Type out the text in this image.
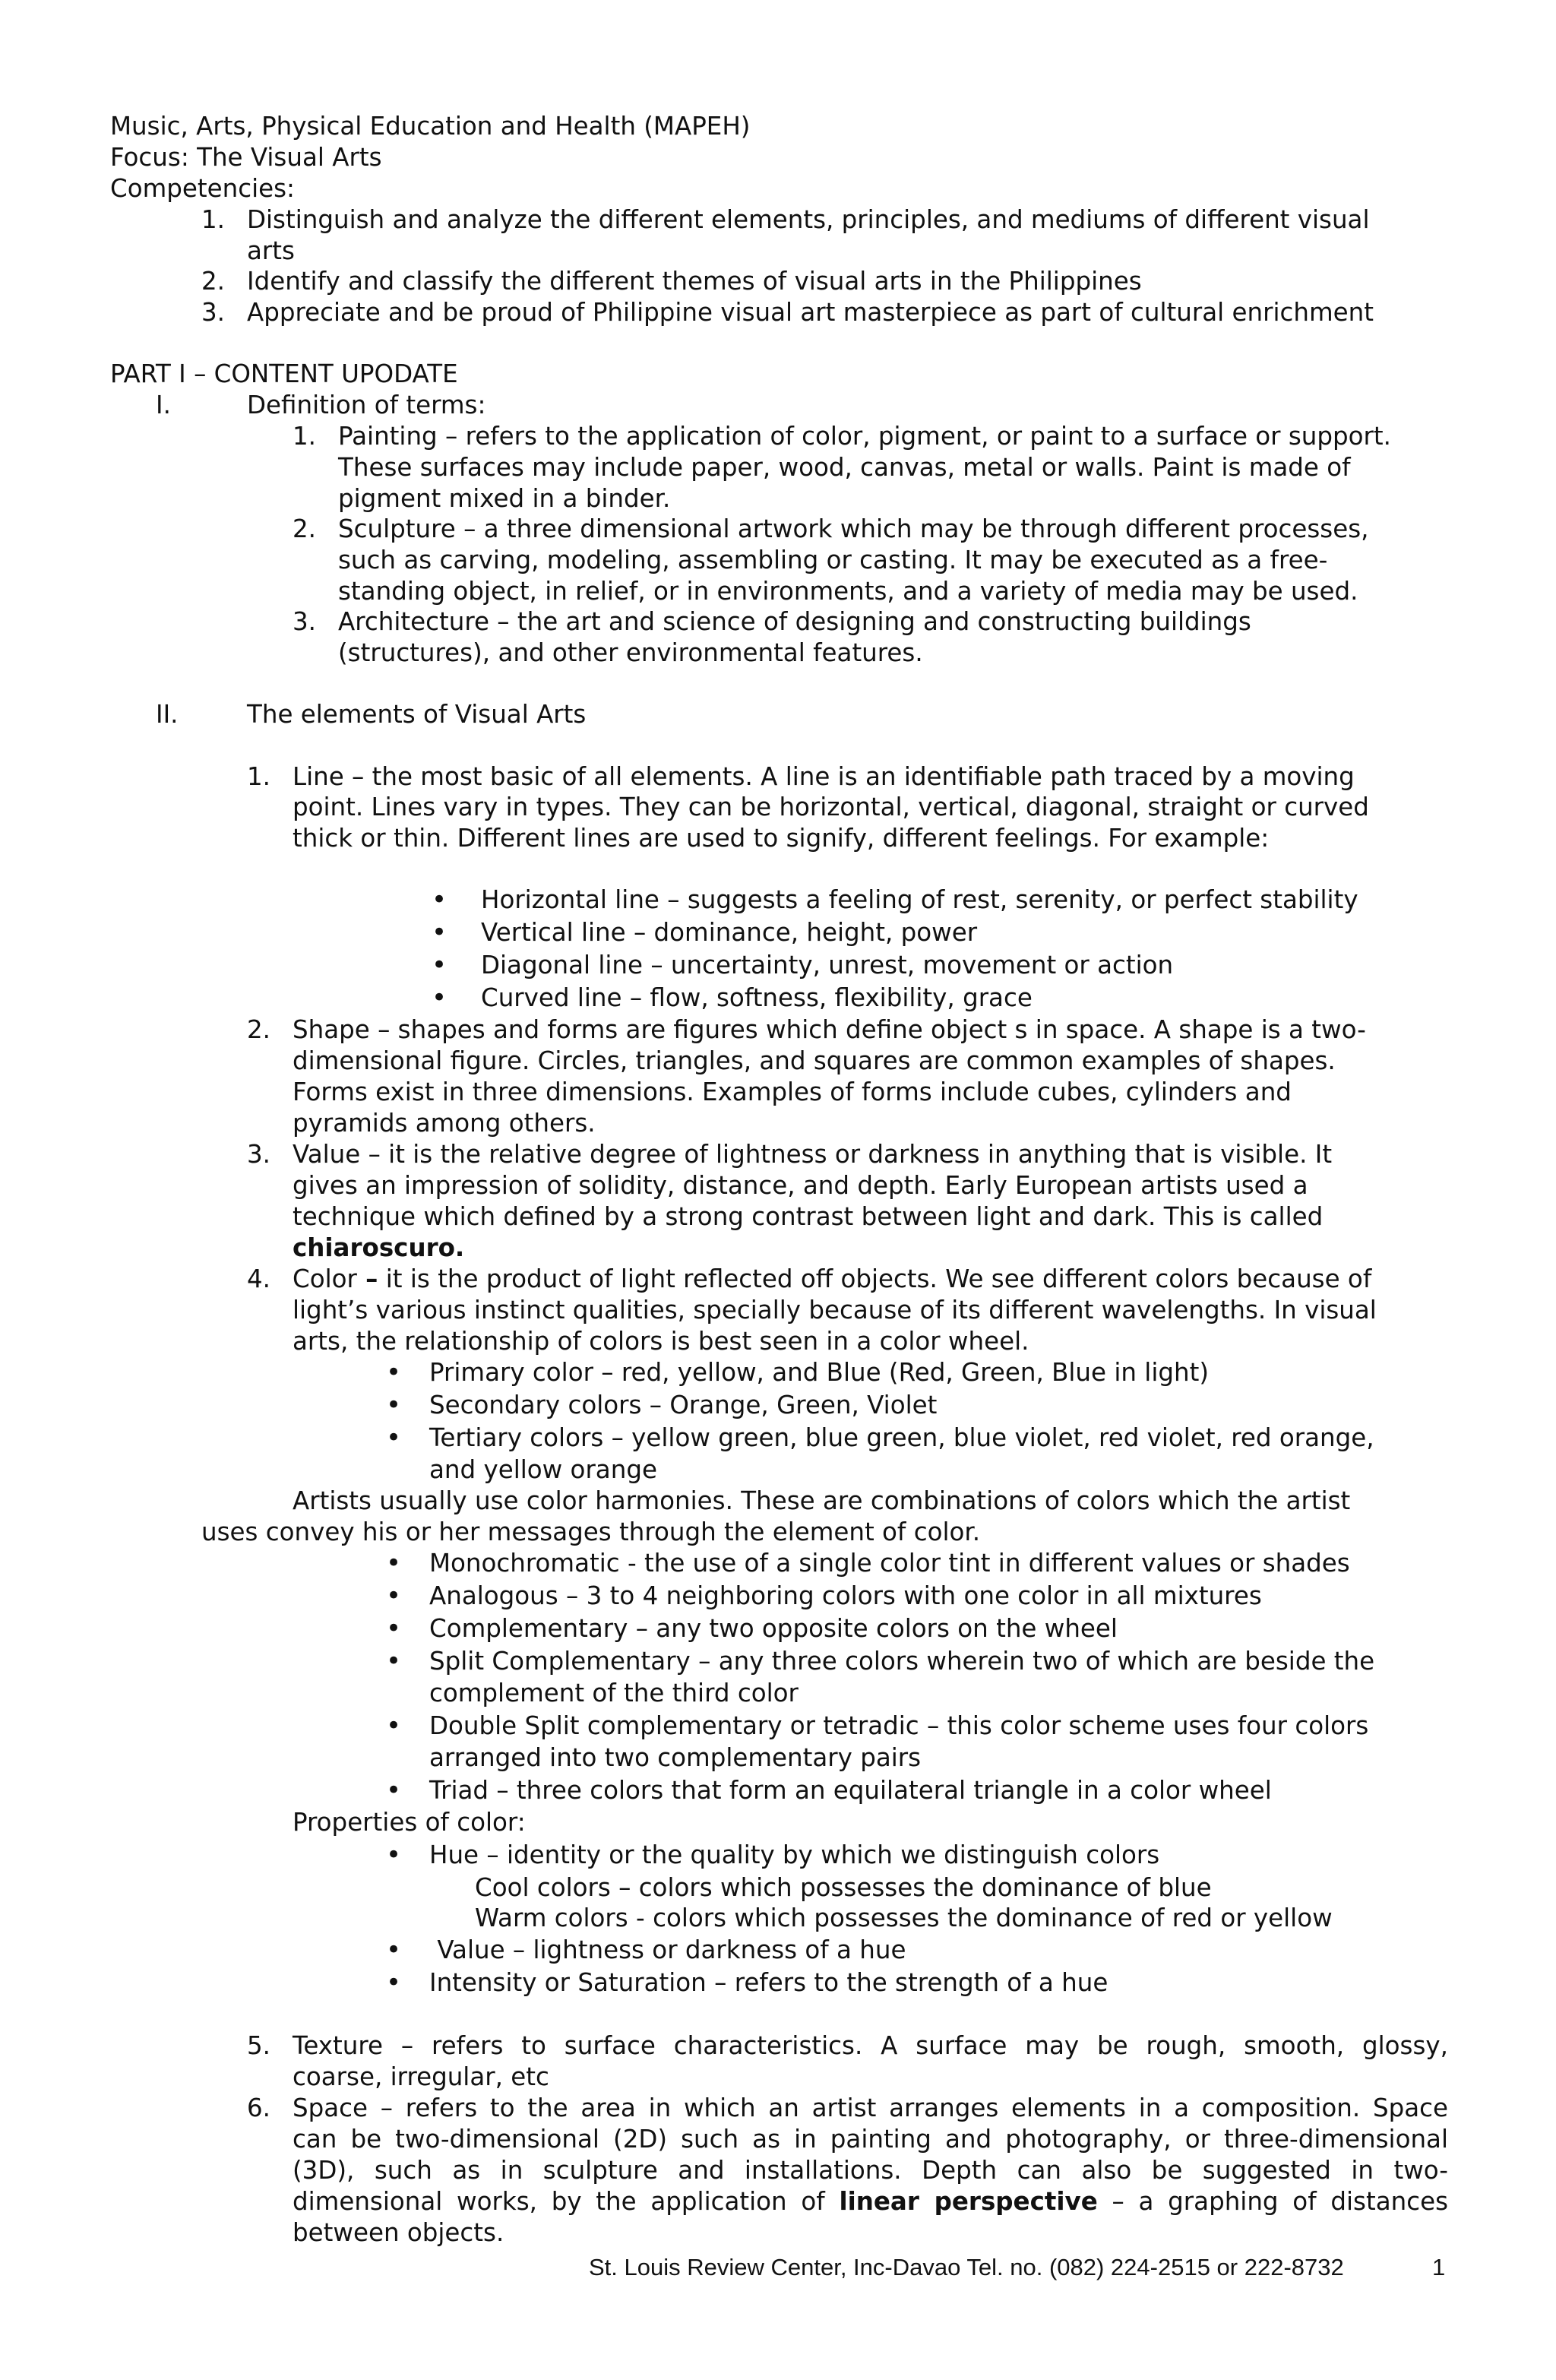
Music, Arts, Physical Education and Health (MAPEH)

Focus: The Visual Arts

Competencies:

1. Distinguish and analyze the different elements, principles, and mediums of different visual

arts

2. Identify and classify the different themes of visual arts in the Philippines

3. Appreciate and be proud of Philippine visual art masterpiece as part of cultural enrichment

PART I – CONTENT UPODATE

I.	Definition of terms:

1. Painting – refers to the application of color, pigment, or paint to a surface or support.

These surfaces may include paper, wood, canvas, metal or walls. Paint is made of

pigment mixed in a binder.

2. Sculpture – a three dimensional artwork which may be through different processes,

such as carving, modeling, assembling or casting. It may be executed as a free-

standing object, in relief, or in environments, and a variety of media may be used.

3. Architecture – the art and science of designing and constructing buildings

(structures), and other environmental features.

II.	The elements of Visual Arts

1. Line – the most basic of all elements. A line is an identifiable path traced by a moving

point. Lines vary in types. They can be horizontal, vertical, diagonal, straight or curved

thick or thin. Different lines are used to signify, different feelings. For example:

• Horizontal line – suggests a feeling of rest, serenity, or perfect stability

• Vertical line – dominance, height, power

• Diagonal line – uncertainty, unrest, movement or action

• Curved line – flow, softness, flexibility, grace

2. Shape – shapes and forms are figures which define object s in space. A shape is a two-

dimensional figure. Circles, triangles, and squares are common examples of shapes.

Forms exist in three dimensions. Examples of forms include cubes, cylinders and

pyramids among others.

3. Value – it is the relative degree of lightness or darkness in anything that is visible. It

gives an impression of solidity, distance, and depth. Early European artists used a

technique which defined by a strong contrast between light and dark. This is called

chiaroscuro.

4. Color – it is the product of light reflected off objects. We see different colors because of

light’s various instinct qualities, specially because of its different wavelengths. In visual

arts, the relationship of colors is best seen in a color wheel.

• Primary color – red, yellow, and Blue (Red, Green, Blue in light)

• Secondary colors – Orange, Green, Violet

• Tertiary colors – yellow green, blue green, blue violet, red violet, red orange,

and yellow orange

Artists usually use color harmonies. These are combinations of colors which the artist

uses convey his or her messages through the element of color.

• Monochromatic - the use of a single color tint in different values or shades

• Analogous – 3 to 4 neighboring colors with one color in all mixtures

• Complementary – any two opposite colors on the wheel

• Split Complementary – any three colors wherein two of which are beside the

complement of the third color

• Double Split complementary or tetradic – this color scheme uses four colors

arranged into two complementary pairs

• Triad – three colors that form an equilateral triangle in a color wheel

Properties of color:

• Hue – identity or the quality by which we distinguish colors

Cool colors – colors which possesses the dominance of blue

Warm colors - colors which possesses the dominance of red or yellow

• Value – lightness or darkness of a hue

• Intensity or Saturation – refers to the strength of a hue

5. Texture – refers to surface characteristics. A surface may be rough, smooth, glossy,

coarse, irregular, etc

6. Space – refers to the area in which an artist arranges elements in a composition. Space

can be two-dimensional (2D) such as in painting and photography, or three-dimensional

(3D), such as in sculpture and installations. Depth can also be suggested in two-

dimensional works, by the application of linear perspective – a graphing of distances

between objects.

St. Louis Review Center, Inc-Davao Tel. no. (082) 224-2515 or 222-8732	1
